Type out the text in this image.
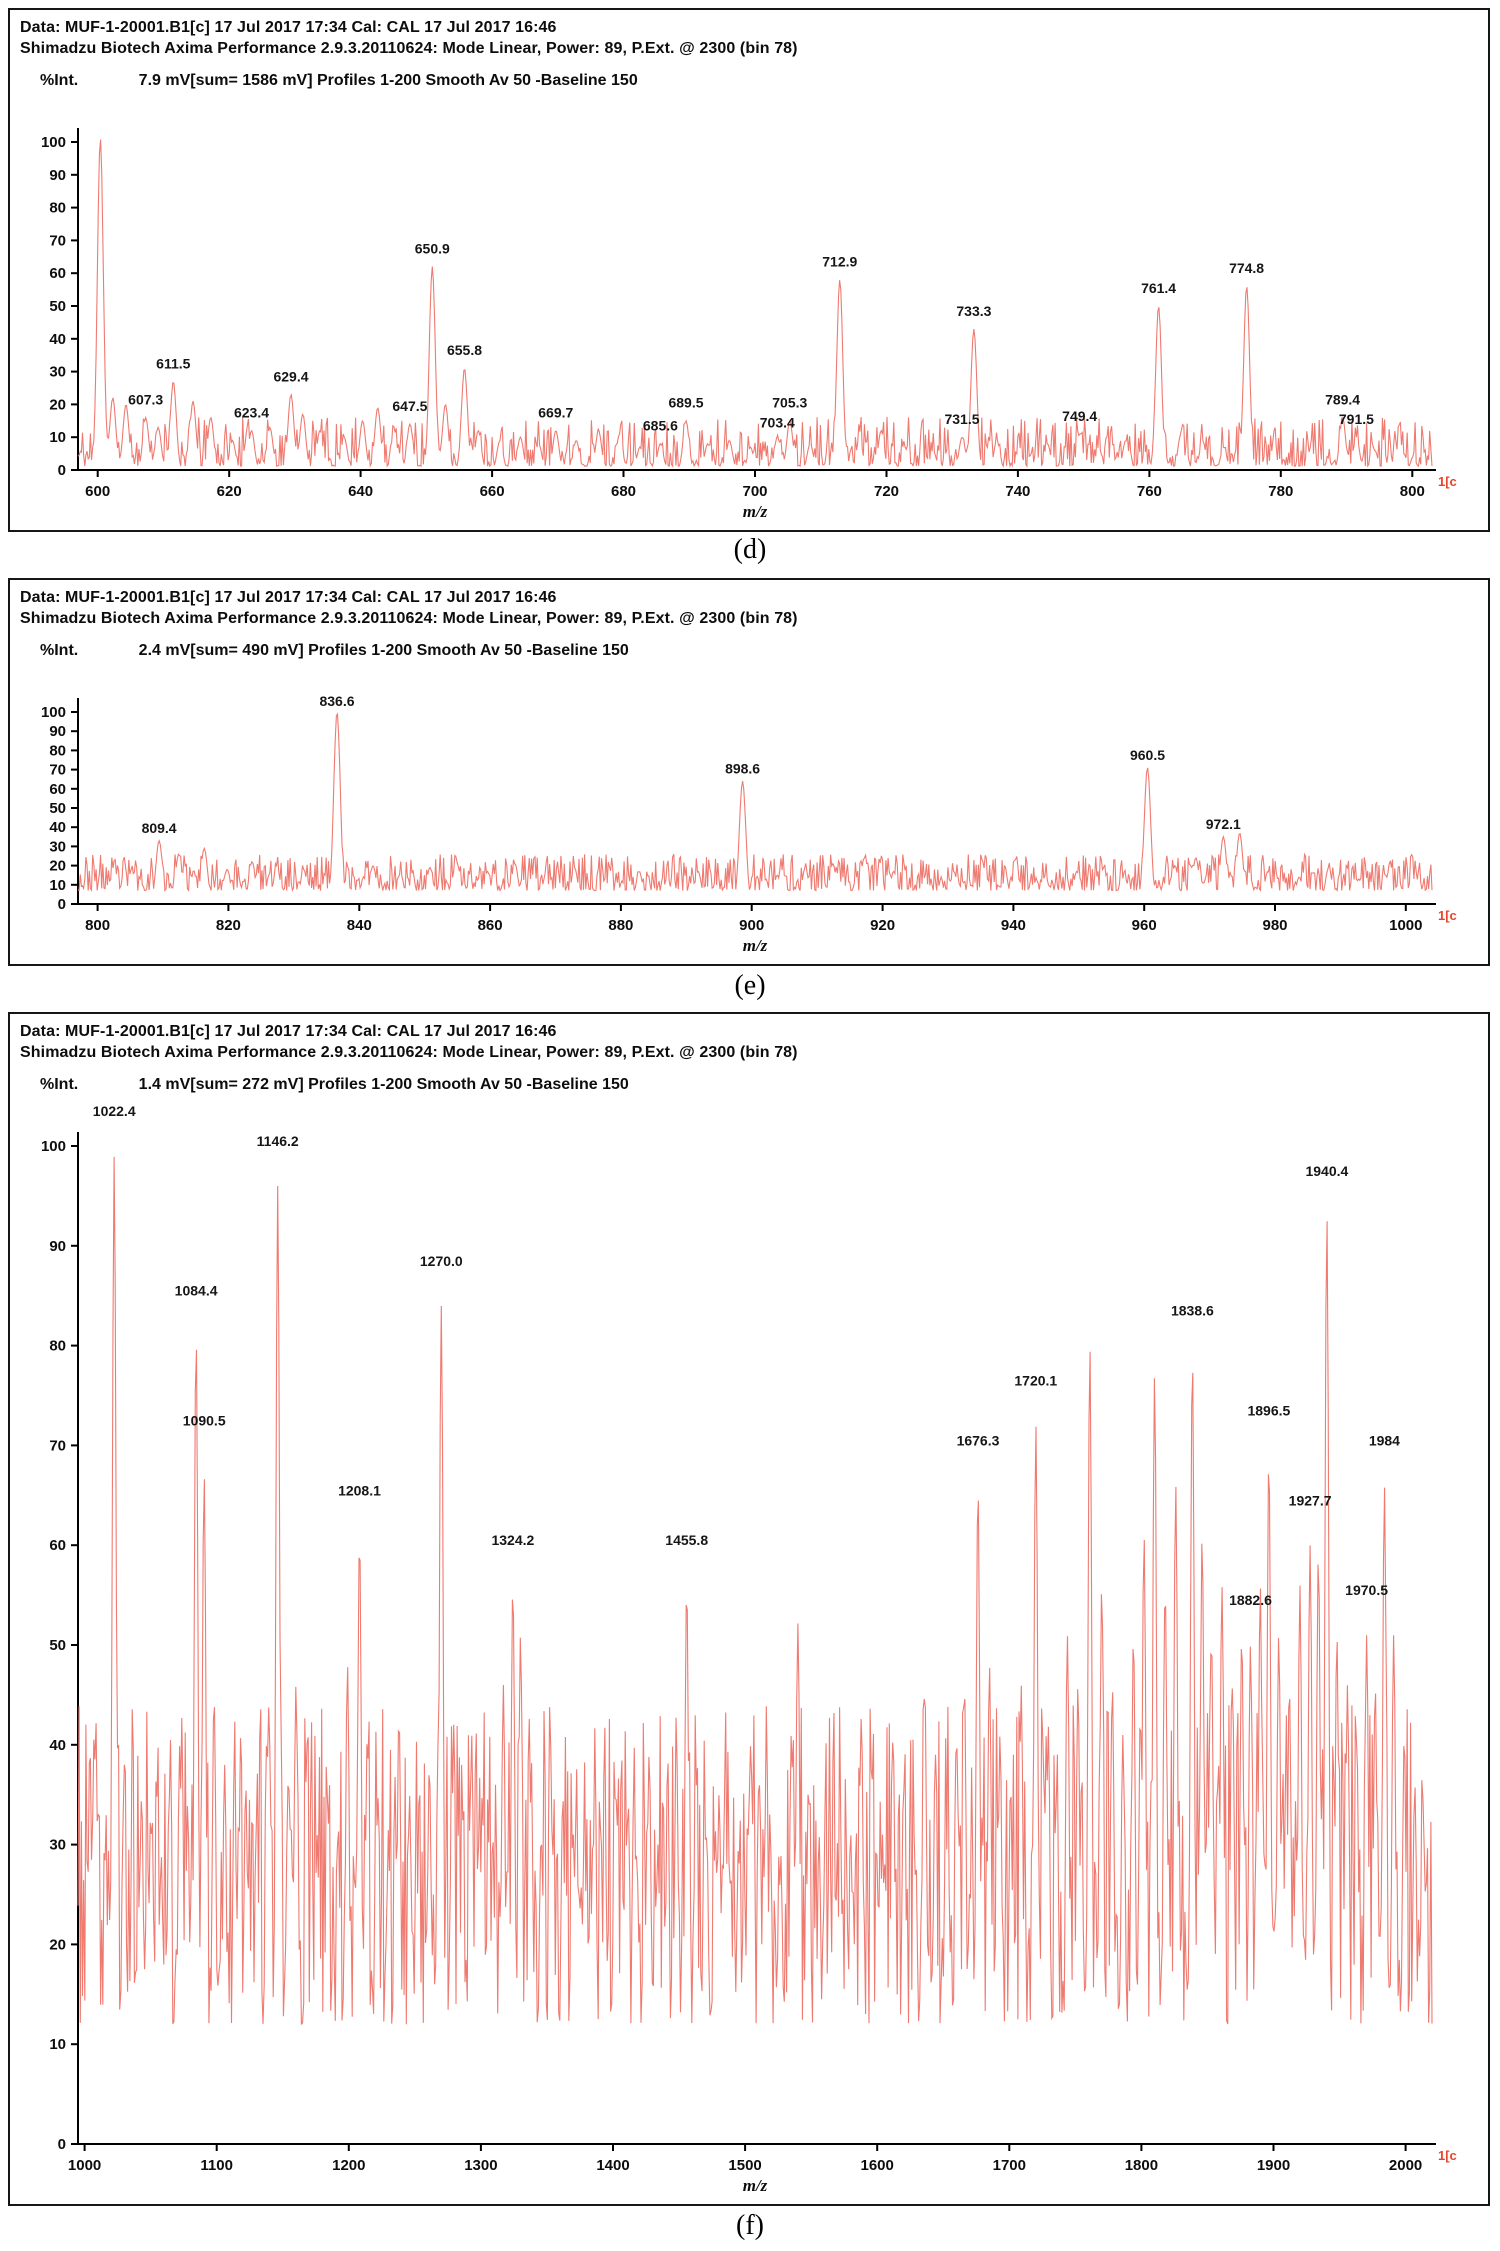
Data: MUF-1-20001.B1[c] 17 Jul 2017 17:34 Cal: CAL 17 Jul 2017 16:46
Shimadzu Biotech Axima Performance 2.9.3.20110624: Mode Linear, Power: 89, P.Ext. @ 2300 (bin 78)
%Int.	7.9 mV[sum= 1586 mV] Profiles 1-200 Smooth Av 50 -Baseline 150
0
10
20
30
40
50
60
70
80
90
100
600	620	640	660	680	700	720	740	760	780	800
m/z
1[c
607.3
611.5
623.4
629.4
647.5
650.9
655.8
669.7
685.6
689.5
703.4
705.3
712.9
731.5
733.3
749.4
761.4
774.8
789.4
791.5
(d)
Data: MUF-1-20001.B1[c] 17 Jul 2017 17:34 Cal: CAL 17 Jul 2017 16:46
Shimadzu Biotech Axima Performance 2.9.3.20110624: Mode Linear, Power: 89, P.Ext. @ 2300 (bin 78)
%Int.	2.4 mV[sum= 490 mV] Profiles 1-200 Smooth Av 50 -Baseline 150
0
10
20
30
40
50
60
70
80
90
100
800	820	840	860	880	900	920	940	960	980	1000
m/z
1[c
809.4
836.6
898.6
960.5
972.1
(e)
Data: MUF-1-20001.B1[c] 17 Jul 2017 17:34 Cal: CAL 17 Jul 2017 16:46
Shimadzu Biotech Axima Performance 2.9.3.20110624: Mode Linear, Power: 89, P.Ext. @ 2300 (bin 78)
%Int.	1.4 mV[sum= 272 mV] Profiles 1-200 Smooth Av 50 -Baseline 150
0
10
20
30
40
50
60
70
80
90
100
1000	1100	1200	1300	1400	1500	1600	1700	1800	1900	2000
m/z
1[c
1022.4
1084.4
1090.5
1146.2
1208.1
1270.0
1324.2	1455.8
1676.3
1720.1
1838.6
1882.6
1896.5
1927.7
1940.4
1970.5
1984
(f)
